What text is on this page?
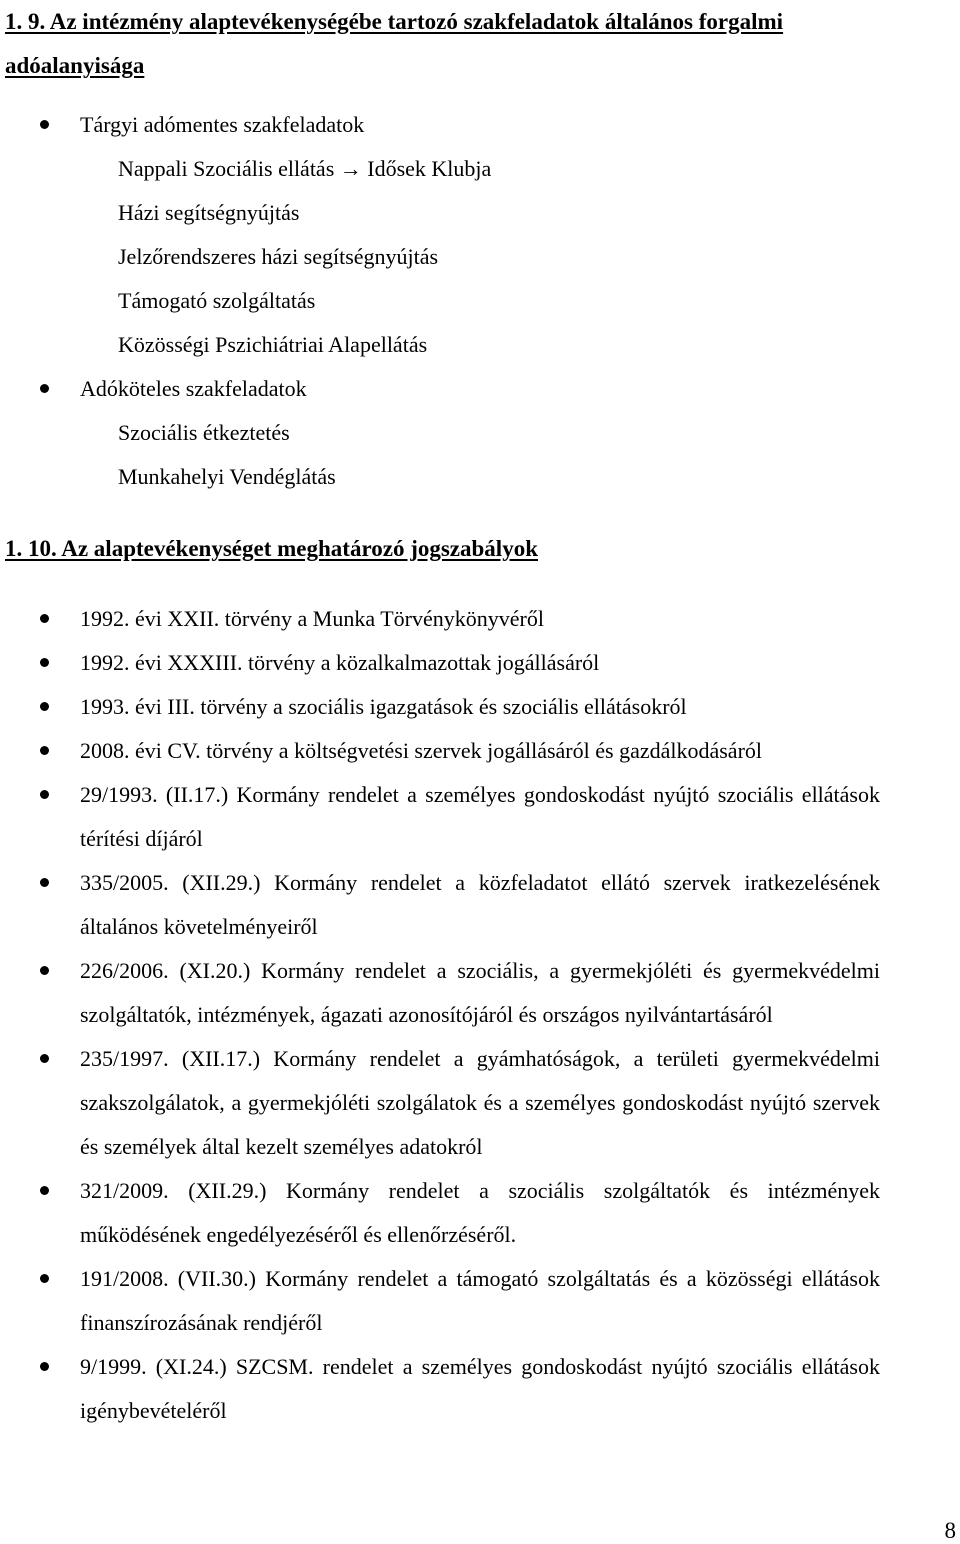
1. 9. Az intézmény alaptevékenységébe tartozó szakfeladatok általános forgalmi adóalanyisága
Tárgyi adómentes szakfeladatok
Nappali Szociális ellátás → Idősek Klubja
Házi segítségnyújtás
Jelzőrendszeres házi segítségnyújtás
Támogató szolgáltatás
Közösségi Pszichiátriai Alapellátás
Adóköteles szakfeladatok
Szociális étkeztetés
Munkahelyi Vendéglátás
1. 10. Az alaptevékenységet meghatározó jogszabályok
1992. évi XXII. törvény a Munka Törvénykönyvéről
1992. évi XXXIII. törvény a közalkalmazottak jogállásáról
1993. évi III. törvény a szociális igazgatások és szociális ellátásokról
2008. évi CV. törvény a költségvetési szervek jogállásáról és gazdálkodásáról
29/1993. (II.17.) Kormány rendelet a személyes gondoskodást nyújtó szociális ellátások térítési díjáról
335/2005. (XII.29.) Kormány rendelet a közfeladatot ellátó szervek iratkezelésének általános követelményeiről
226/2006. (XI.20.) Kormány rendelet a szociális, a gyermekjóléti és gyermekvédelmi szolgáltatók, intézmények, ágazati azonosítójáról és országos nyilvántartásáról
235/1997. (XII.17.) Kormány rendelet a gyámhatóságok, a területi gyermekvédelmi szakszolgálatok, a gyermekjóléti szolgálatok és a személyes gondoskodást nyújtó szervek és személyek által kezelt személyes adatokról
321/2009. (XII.29.) Kormány rendelet a szociális szolgáltatók és intézmények működésének engedélyezéséről és ellenőrzéséről.
191/2008. (VII.30.) Kormány rendelet a támogató szolgáltatás és a közösségi ellátások finanszírozásának rendjéről
9/1999. (XI.24.) SZCSM. rendelet a személyes gondoskodást nyújtó szociális ellátások igénybevételéről
8
